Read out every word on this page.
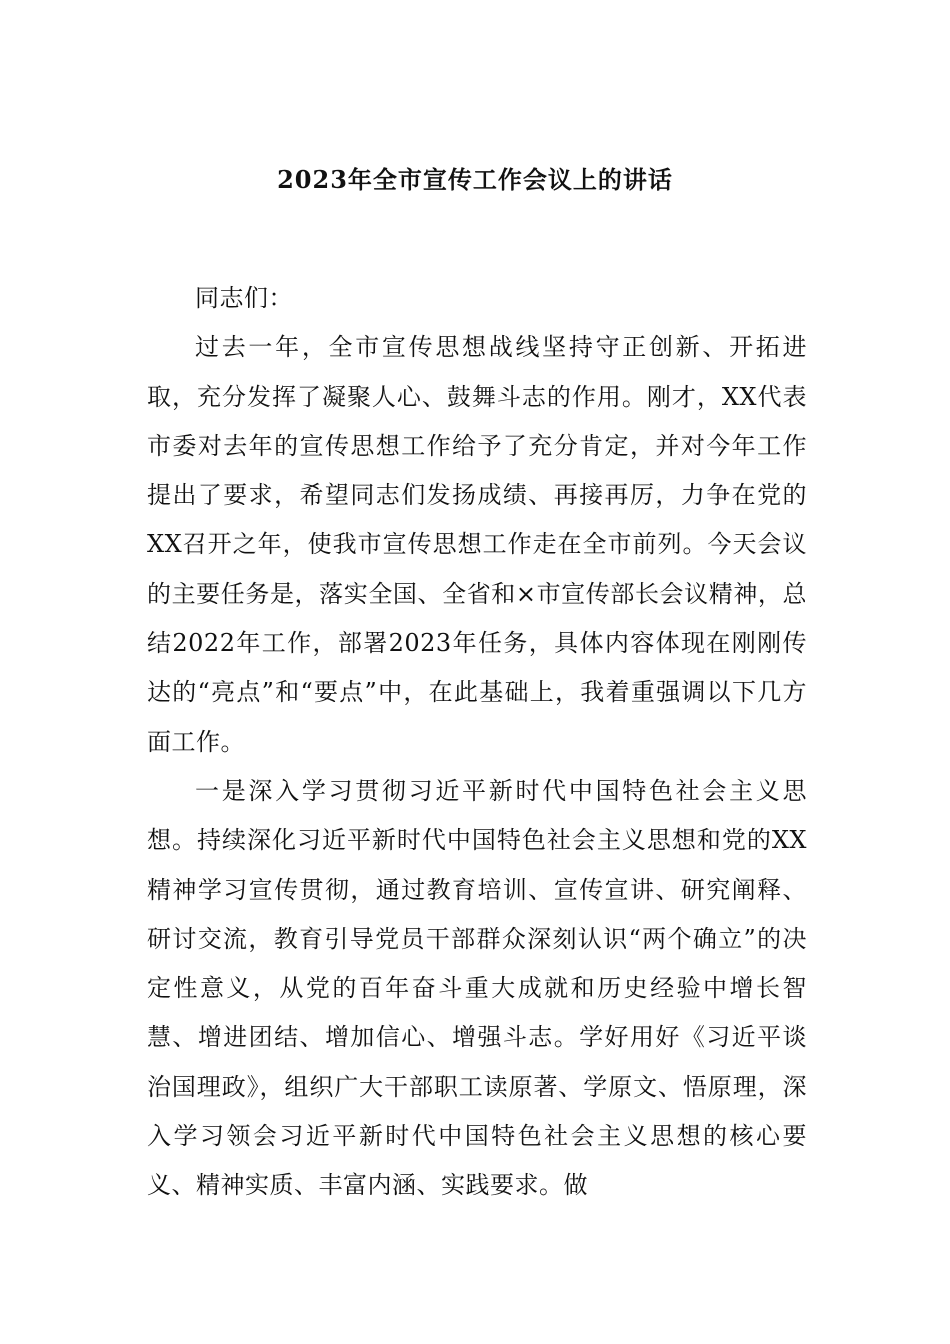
2023年全市宣传工作会议上的讲话

同志们：

过去一年，全市宣传思想战线坚持守正创新、开拓进取，充分发挥了凝聚人心、鼓舞斗志的作用。刚才，XX代表市委对去年的宣传思想工作给予了充分肯定，并对今年工作提出了要求，希望同志们发扬成绩、再接再厉，力争在党的XX召开之年，使我市宣传思想工作走在全市前列。今天会议的主要任务是，落实全国、全省和×市宣传部长会议精神，总结2022年工作，部署2023年任务，具体内容体现在刚刚传达的“亮点”和“要点”中，在此基础上，我着重强调以下几方面工作。

一是深入学习贯彻习近平新时代中国特色社会主义思想。持续深化习近平新时代中国特色社会主义思想和党的XX精神学习宣传贯彻，通过教育培训、宣传宣讲、研究阐释、研讨交流，教育引导党员干部群众深刻认识“两个确立”的决定性意义，从党的百年奋斗重大成就和历史经验中增长智慧、增进团结、增加信心、增强斗志。学好用好《习近平谈治国理政》，组织广大干部职工读原著、学原文、悟原理，深入学习领会习近平新时代中国特色社会主义思想的核心要义、精神实质、丰富内涵、实践要求。做
